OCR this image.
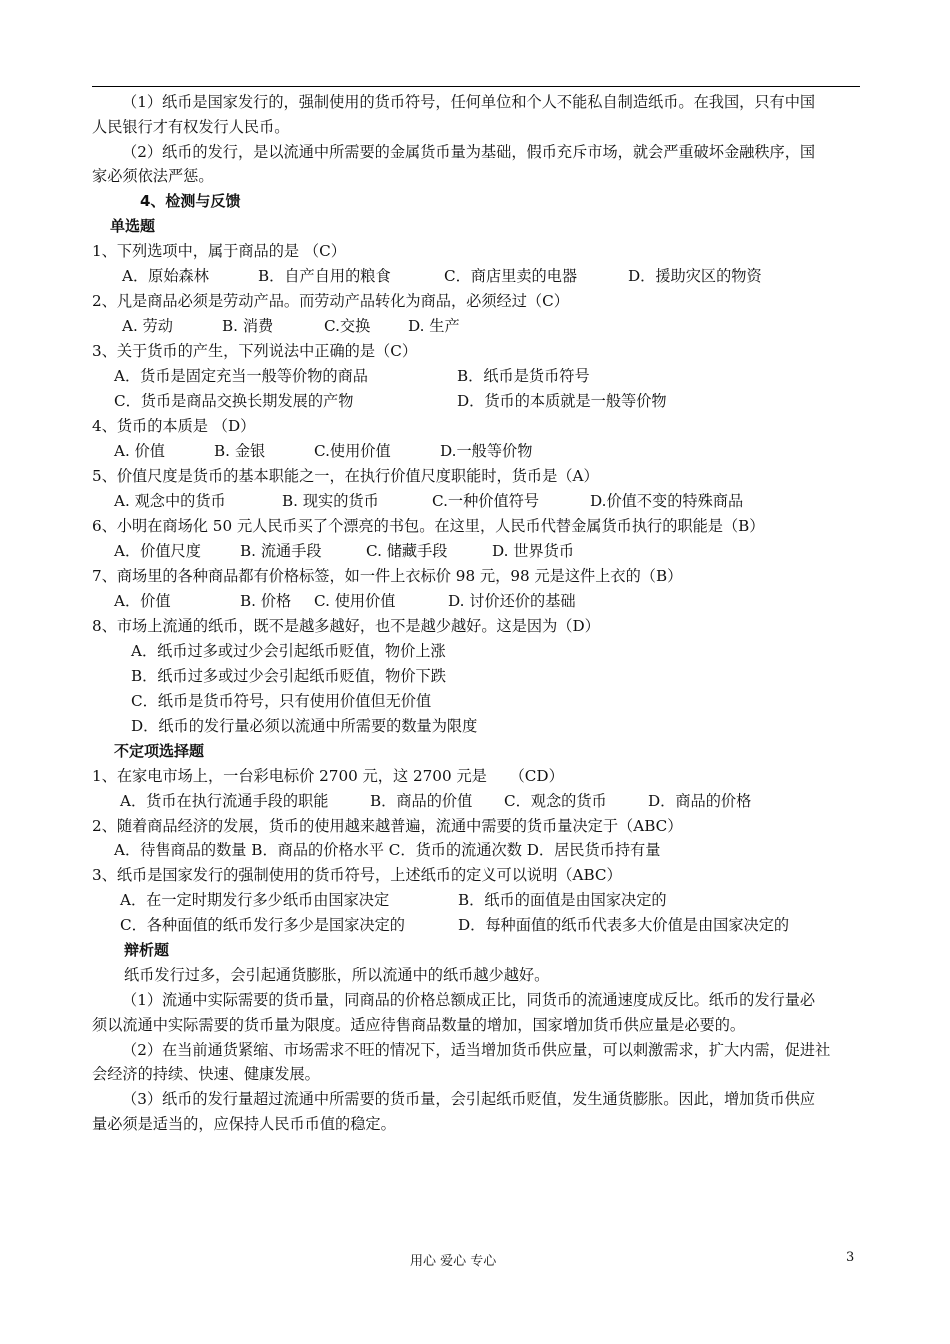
（1）纸币是国家发行的，强制使用的货币符号，任何单位和个人不能私自制造纸币。在我国，只有中国
人民银行才有权发行人民币。
（2）纸币的发行，是以流通中所需要的金属货币量为基础，假币充斥市场，就会严重破坏金融秩序，国
家必须依法严惩。
4、检测与反馈
单选题
1、下列选项中，属于商品的是 （C）
A．原始森林	B．自产自用的粮食	C．商店里卖的电器	D．援助灾区的物资
2、凡是商品必须是劳动产品。而劳动产品转化为商品，必须经过（C）
A. 劳动	B. 消费	C.交换 D. 生产
3、关于货币的产生，下列说法中正确的是（C）
A．货币是固定充当一般等价物的商品	B．纸币是货币符号
C．货币是商品交换长期发展的产物	D．货币的本质就是一般等价物
4、货币的本质是 （D）
A. 价值	B. 金银	C.使用价值	D.一般等价物
5、价值尺度是货币的基本职能之一，在执行价值尺度职能时，货币是（A）
A. 观念中的货币	B. 现实的货币	C.一种价值符号	D.价值不变的特殊商品
6、小明在商场化 50 元人民币买了个漂亮的书包。在这里，人民币代替金属货币执行的职能是（B）
A．价值尺度	B. 流通手段	C. 储藏手段	D. 世界货币
7、商场里的各种商品都有价格标签，如一件上衣标价 98 元，98 元是这件上衣的（B）
A．价值	B. 价格 C. 使用价值	D. 讨价还价的基础
8、市场上流通的纸币，既不是越多越好，也不是越少越好。这是因为（D）
A．纸币过多或过少会引起纸币贬值，物价上涨
B．纸币过多或过少会引起纸币贬值，物价下跌
C．纸币是货币符号，只有使用价值但无价值
D．纸币的发行量必须以流通中所需要的数量为限度
不定项选择题
1、在家电市场上，一台彩电标价 2700 元，这 2700 元是　　（CD）
A．货币在执行流通手段的职能	B．商品的价值 C．观念的货币	D．商品的价格
2、随着商品经济的发展，货币的使用越来越普遍，流通中需要的货币量决定于（ABC）
A．待售商品的数量 B．商品的价格水平 C．货币的流通次数 D．居民货币持有量
3、纸币是国家发行的强制使用的货币符号，上述纸币的定义可以说明（ABC）
A．在一定时期发行多少纸币由国家决定	B．纸币的面值是由国家决定的
C．各种面值的纸币发行多少是国家决定的	D．每种面值的纸币代表多大价值是由国家决定的
辩析题
纸币发行过多，会引起通货膨胀，所以流通中的纸币越少越好。
（1）流通中实际需要的货币量，同商品的价格总额成正比，同货币的流通速度成反比。纸币的发行量必
须以流通中实际需要的货币量为限度。适应待售商品数量的增加，国家增加货币供应量是必要的。
（2）在当前通货紧缩、市场需求不旺的情况下，适当增加货币供应量，可以刺激需求，扩大内需，促进社
会经济的持续、快速、健康发展。
（3）纸币的发行量超过流通中所需要的货币量，会引起纸币贬值，发生通货膨胀。因此，增加货币供应
量必须是适当的，应保持人民币币值的稳定。
用心 爱心 专心	3
